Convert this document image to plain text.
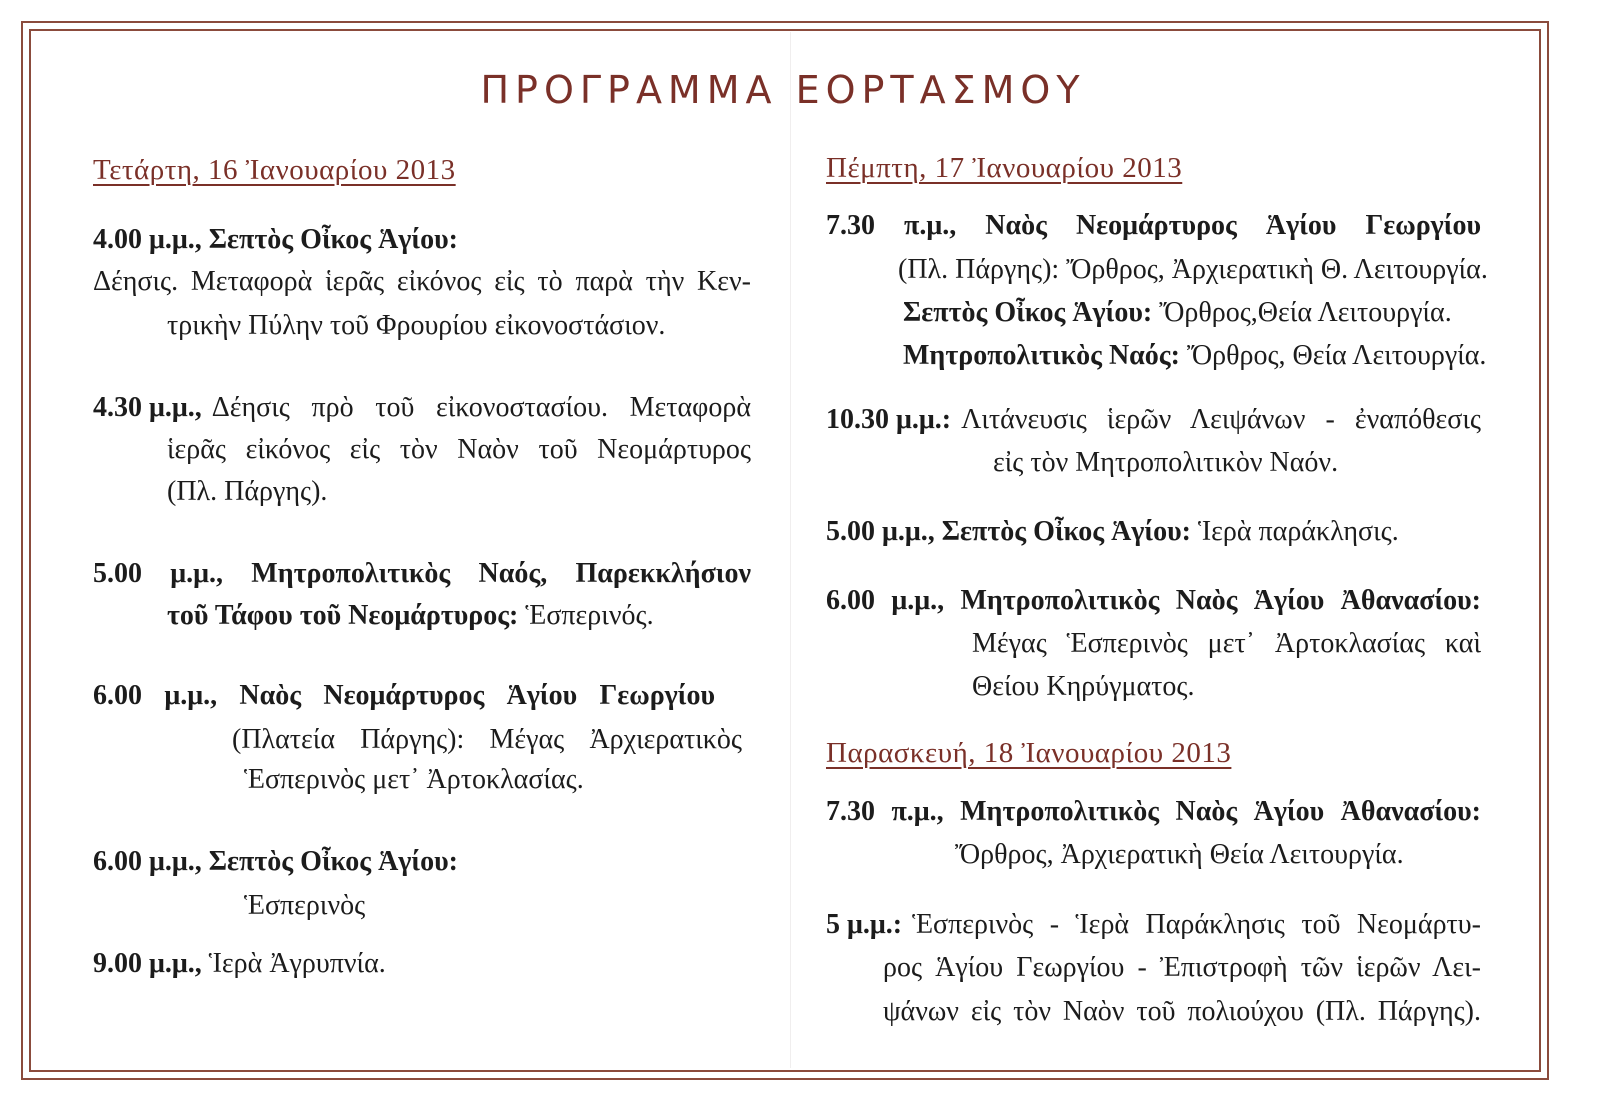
ΠΡΟΓΡΑΜΜΑ ΕΟΡΤΑΣΜΟΥ
Τετάρτη, 16 Ἰανουαρίου 2013
4.00 μ.μ., Σεπτὸς Οἶκος Ἁγίου:
Δέησις. Μεταφορὰ ἱερᾶς εἰκόνος εἰς τὸ παρὰ τὴν Κεν-
τρικὴν Πύλην τοῦ Φρουρίου εἰκονοστάσιον.
4.30 μ.μ., Δέησις πρὸ τοῦ εἰκονοστασίου. Μεταφορὰ
ἱερᾶς εἰκόνος εἰς τὸν Ναὸν τοῦ Νεομάρτυρος
(Πλ. Πάργης).
5.00 μ.μ., Μητροπολιτικὸς Ναός, Παρεκκλήσιον
τοῦ Τάφου τοῦ Νεομάρτυρος: Ἑσπερινός.
6.00 μ.μ., Ναὸς Νεομάρτυρος Ἁγίου Γεωργίου
(Πλατεία Πάργης): Μέγας Ἀρχιερατικὸς
Ἑσπερινὸς μετ᾽ Ἀρτοκλασίας.
6.00 μ.μ., Σεπτὸς Οἶκος Ἁγίου:
Ἑσπερινὸς
9.00 μ.μ., Ἱερὰ Ἀγρυπνία.
Πέμπτη, 17 Ἰανουαρίου 2013
7.30 π.μ., Ναὸς Νεομάρτυρος Ἁγίου Γεωργίου
(Πλ. Πάργης): Ὄρθρος, Ἀρχιερατικὴ Θ. Λειτουργία.
Σεπτὸς Οἶκος Ἁγίου: Ὄρθρος,Θεία Λειτουργία.
Μητροπολιτικὸς Ναός: Ὄρθρος, Θεία Λειτουργία.
10.30 μ.μ.: Λιτάνευσις ἱερῶν Λειψάνων - ἐναπόθεσις
εἰς τὸν Μητροπολιτικὸν Ναόν.
5.00 μ.μ., Σεπτὸς Οἶκος Ἁγίου: Ἱερὰ παράκλησις.
6.00 μ.μ., Μητροπολιτικὸς Ναὸς Ἁγίου Ἀθανασίου:
Μέγας Ἑσπερινὸς μετ᾽ Ἀρτοκλασίας καὶ
Θείου Κηρύγματος.
Παρασκευή, 18 Ἰανουαρίου 2013
7.30 π.μ., Μητροπολιτικὸς Ναὸς Ἁγίου Ἀθανασίου:
Ὄρθρος, Ἀρχιερατικὴ Θεία Λειτουργία.
5 μ.μ.: Ἑσπερινὸς - Ἱερὰ Παράκλησις τοῦ Νεομάρτυ-
ρος Ἁγίου Γεωργίου - Ἐπιστροφὴ τῶν ἱερῶν Λει-
ψάνων εἰς τὸν Ναὸν τοῦ πολιούχου (Πλ. Πάργης).
